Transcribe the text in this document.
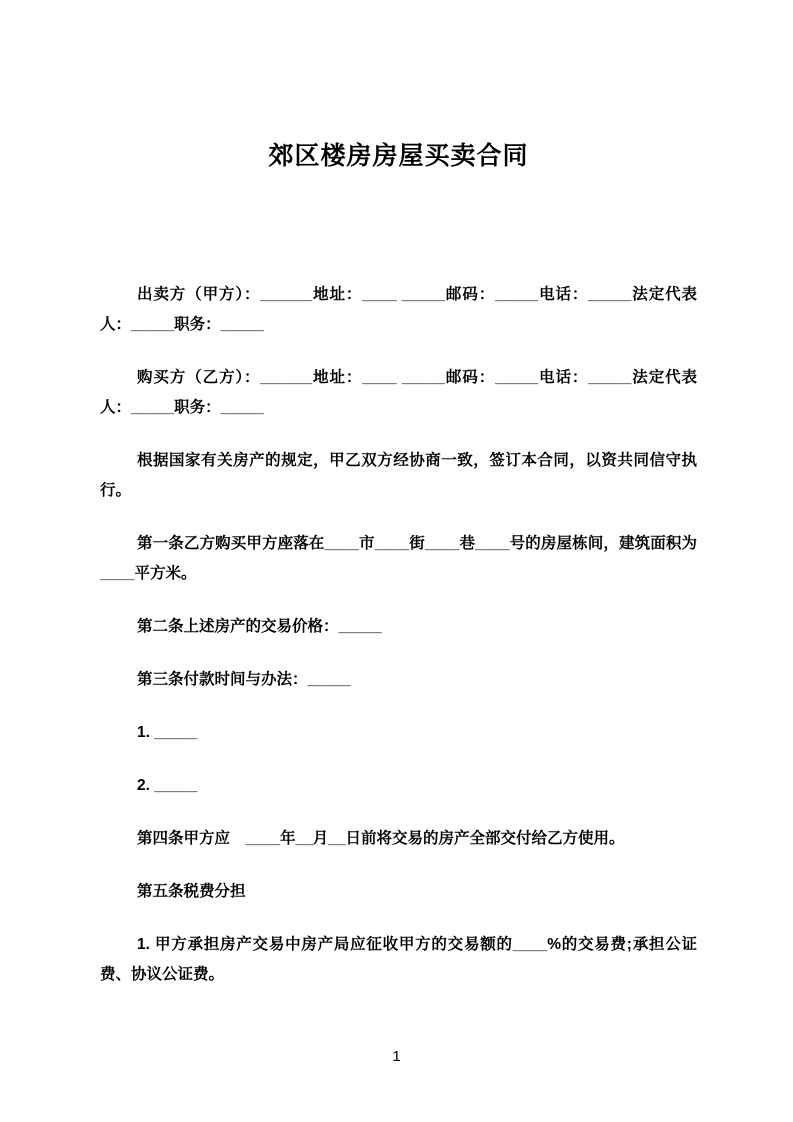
郊区楼房房屋买卖合同

出卖方（甲方）：______地址：____ _____邮码：_____电话：_____法定代表人：_____职务：_____

购买方（乙方）：______地址：____ _____邮码：_____电话：_____法定代表人：_____职务：_____

根据国家有关房产的规定，甲乙双方经协商一致，签订本合同，以资共同信守执行。

第一条乙方购买甲方座落在____市____街____巷____号的房屋栋间，建筑面积为____平方米。

第二条上述房产的交易价格：_____

第三条付款时间与办法：_____

1. _____

2. _____

第四条甲方应　____年__月__日前将交易的房产全部交付给乙方使用。

第五条税费分担

1. 甲方承担房产交易中房产局应征收甲方的交易额的____%的交易费;承担公证费、协议公证费。

1
